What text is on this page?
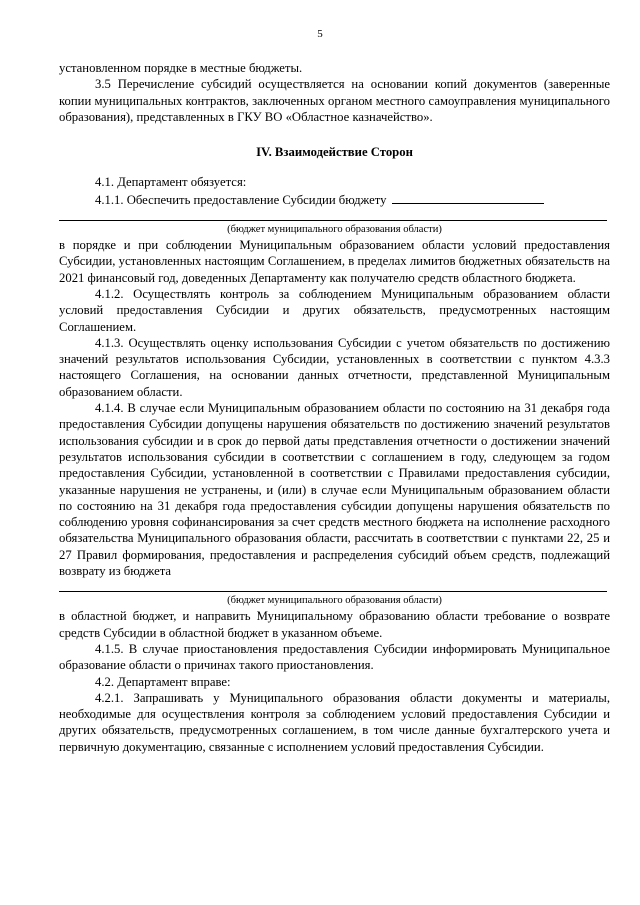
5

установленном порядке в местные бюджеты.

3.5 Перечисление субсидий осуществляется на основании копий документов (заверенные копии муниципальных контрактов, заключенных органом местного самоуправления муниципального образования), представленных в ГКУ ВО «Областное казначейство».

IV. Взаимодействие Сторон

4.1. Департамент обязуется:

4.1.1. Обеспечить предоставление Субсидии бюджету

(бюджет муниципального образования области)

в порядке и при соблюдении Муниципальным образованием области условий предоставления Субсидии, установленных настоящим Соглашением, в пределах лимитов бюджетных обязательств на 2021 финансовый год, доведенных Департаменту как получателю средств областного бюджета.

4.1.2. Осуществлять контроль за соблюдением Муниципальным образованием области условий предоставления Субсидии и других обязательств, предусмотренных настоящим Соглашением.

4.1.3. Осуществлять оценку использования Субсидии с учетом обязательств по достижению значений результатов использования Субсидии, установленных в соответствии с пунктом 4.3.3 настоящего Соглашения, на основании данных отчетности, представленной Муниципальным образованием области.

4.1.4. В случае если Муниципальным образованием области по состоянию на 31 декабря года предоставления Субсидии допущены нарушения обязательств по достижению значений результатов использования субсидии и в срок до первой даты представления отчетности о достижении значений результатов использования субсидии в соответствии с соглашением в году, следующем за годом предоставления Субсидии, установленной в соответствии с Правилами предоставления субсидии, указанные нарушения не устранены, и (или) в случае если Муниципальным образованием области по состоянию на 31 декабря года предоставления субсидии допущены нарушения обязательств по соблюдению уровня софинансирования за счет средств местного бюджета на исполнение расходного обязательства Муниципального образования области, рассчитать в соответствии с пунктами 22, 25 и 27 Правил формирования, предоставления и распределения субсидий объем средств, подлежащий возврату из бюджета

(бюджет муниципального образования области)

в областной бюджет, и направить Муниципальному образованию области требование о возврате средств Субсидии в областной бюджет в указанном объеме.

4.1.5. В случае приостановления предоставления Субсидии информировать Муниципальное образование области о причинах такого приостановления.

4.2. Департамент вправе:

4.2.1. Запрашивать у Муниципального образования области документы и материалы, необходимые для осуществления контроля за соблюдением условий предоставления Субсидии и других обязательств, предусмотренных соглашением, в том числе данные бухгалтерского учета и первичную документацию, связанные с исполнением условий предоставления Субсидии.
